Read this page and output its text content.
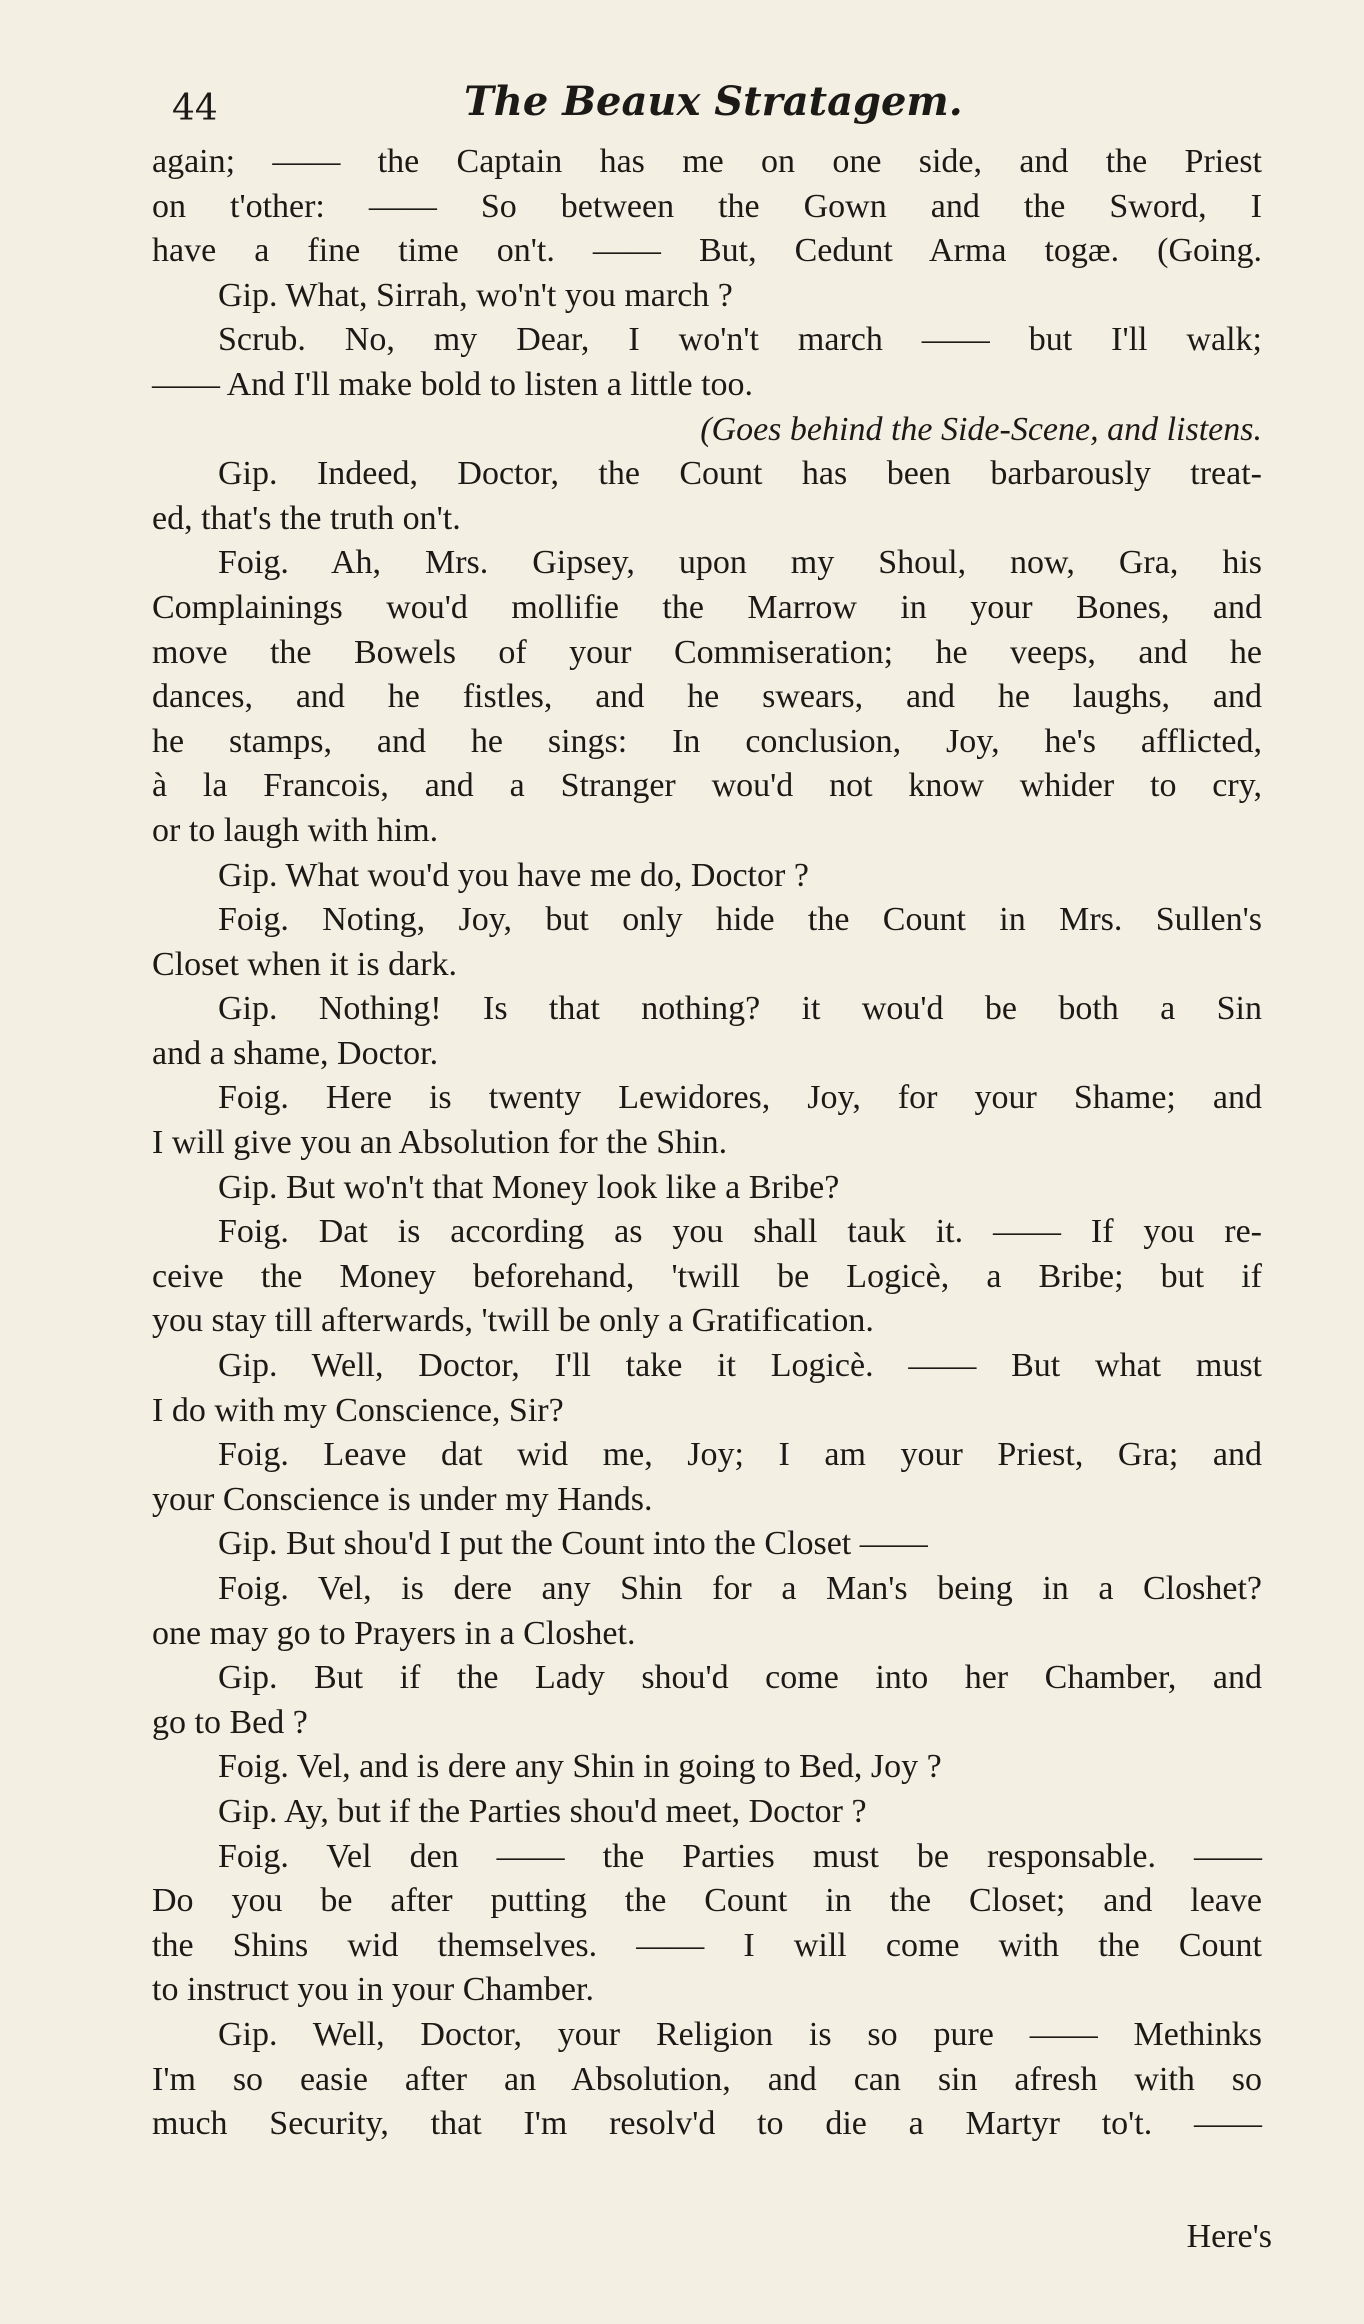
44	The Beaux Stratagem.
again; —— the Captain has me on one side, and the Priest
on t'other: —— So between the Gown and the Sword, I
have a fine time on't. —— But, Cedunt Arma togæ. (Going.
Gip. What, Sirrah, wo'n't you march ?
Scrub. No, my Dear, I wo'n't march —— but I'll walk;
—— And I'll make bold to listen a little too.
(Goes behind the Side-Scene, and listens.
Gip. Indeed, Doctor, the Count has been barbarously treat-
ed, that's the truth on't.
Foig. Ah, Mrs. Gipsey, upon my Shoul, now, Gra, his
Complainings wou'd mollifie the Marrow in your Bones, and
move the Bowels of your Commiseration; he veeps, and he
dances, and he fistles, and he swears, and he laughs, and
he stamps, and he sings: In conclusion, Joy, he's afflicted,
à la Francois, and a Stranger wou'd not know whider to cry,
or to laugh with him.
Gip. What wou'd you have me do, Doctor ?
Foig. Noting, Joy, but only hide the Count in Mrs. Sullen's
Closet when it is dark.
Gip. Nothing! Is that nothing? it wou'd be both a Sin
and a shame, Doctor.
Foig. Here is twenty Lewidores, Joy, for your Shame; and
I will give you an Absolution for the Shin.
Gip. But wo'n't that Money look like a Bribe?
Foig. Dat is according as you shall tauk it. —— If you re-
ceive the Money beforehand, 'twill be Logicè, a Bribe; but if
you stay till afterwards, 'twill be only a Gratification.
Gip. Well, Doctor, I'll take it Logicè. —— But what must
I do with my Conscience, Sir?
Foig. Leave dat wid me, Joy; I am your Priest, Gra; and
your Conscience is under my Hands.
Gip. But shou'd I put the Count into the Closet ——
Foig. Vel, is dere any Shin for a Man's being in a Closhet?
one may go to Prayers in a Closhet.
Gip. But if the Lady shou'd come into her Chamber, and
go to Bed ?
Foig. Vel, and is dere any Shin in going to Bed, Joy ?
Gip. Ay, but if the Parties shou'd meet, Doctor ?
Foig. Vel den —— the Parties must be responsable. ——
Do you be after putting the Count in the Closet; and leave
the Shins wid themselves. —— I will come with the Count
to instruct you in your Chamber.
Gip. Well, Doctor, your Religion is so pure —— Methinks
I'm so easie after an Absolution, and can sin afresh with so
much Security, that I'm resolv'd to die a Martyr to't. ——
Here's
